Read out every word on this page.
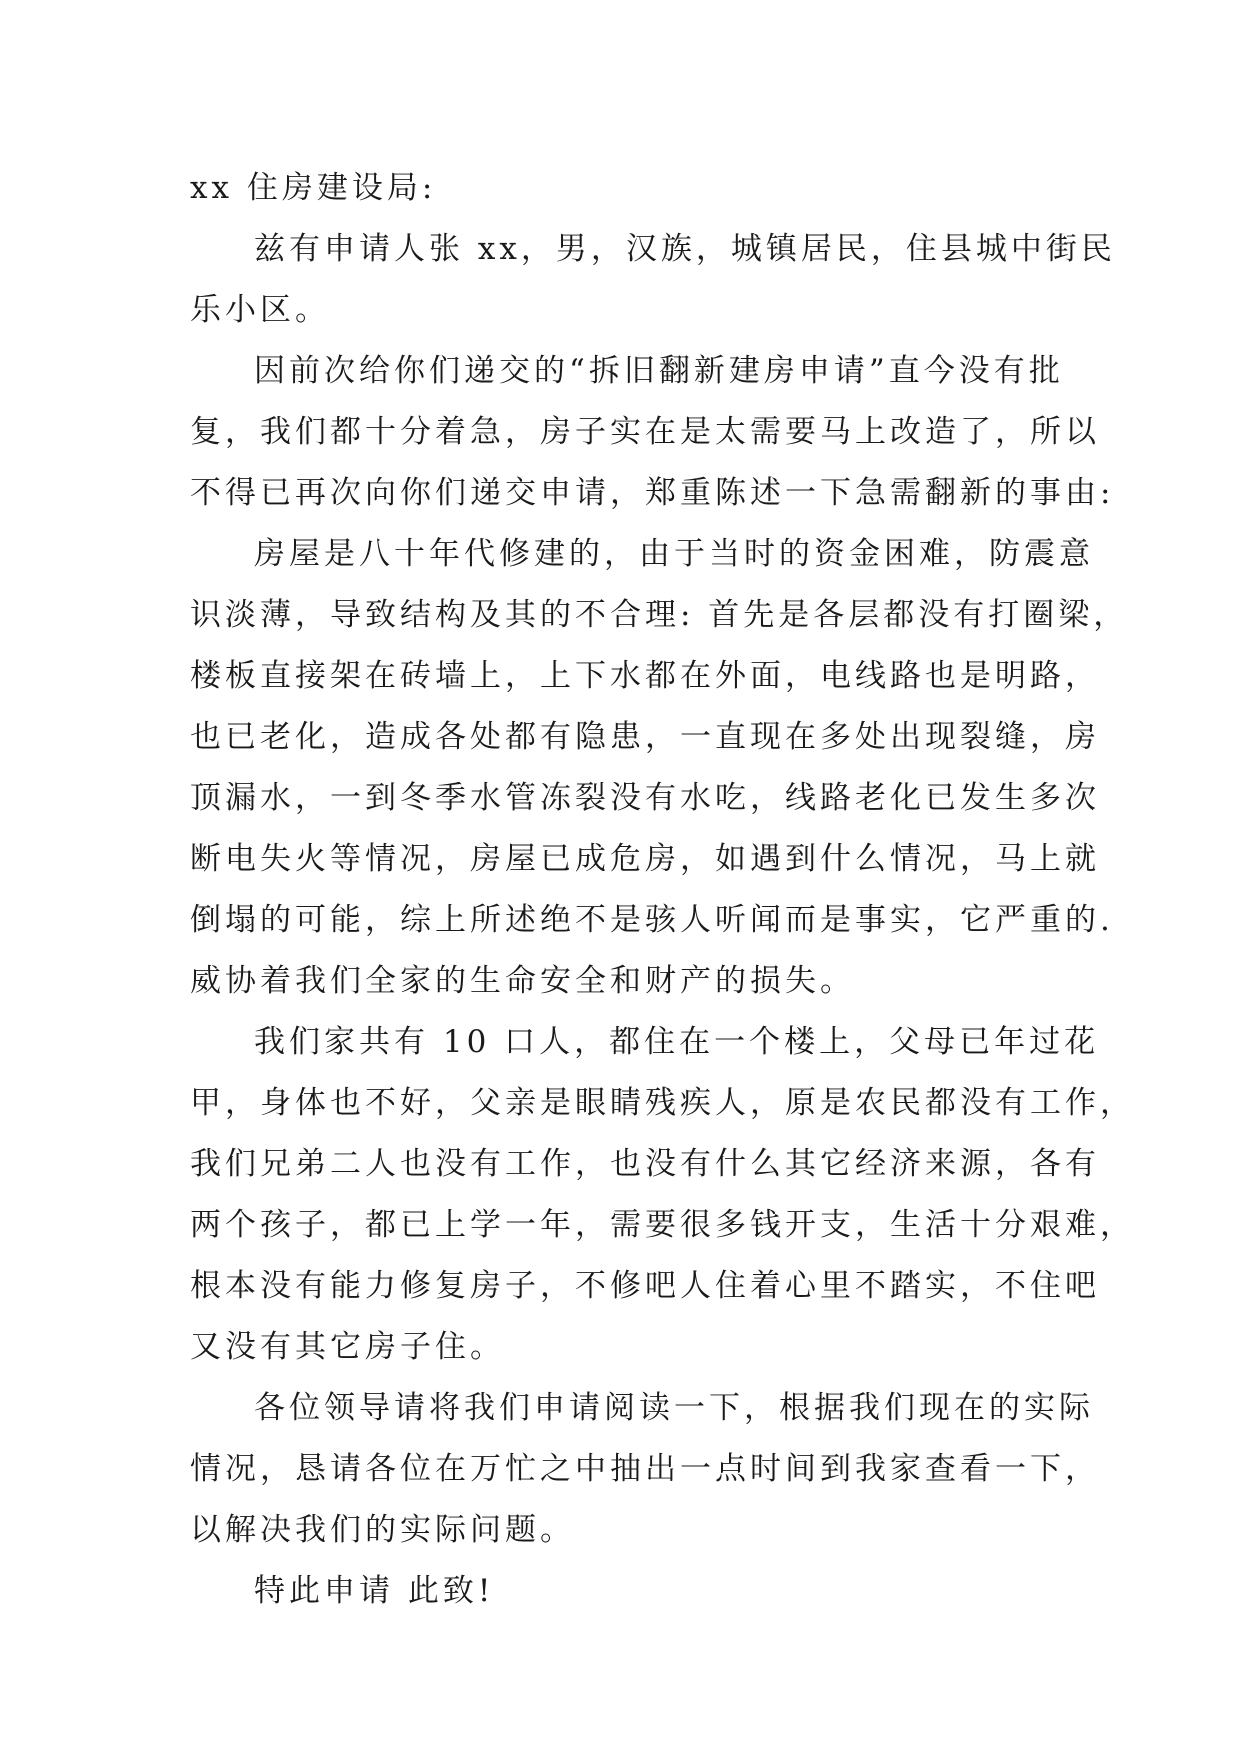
xx 住房建设局:
兹有申请人张 xx，男，汉族，城镇居民，住县城中街民
乐小区。
因前次给你们递交的“拆旧翻新建房申请”直今没有批
复，我们都十分着急，房子实在是太需要马上改造了，所以
不得已再次向你们递交申请，郑重陈述一下急需翻新的事由:
房屋是八十年代修建的，由于当时的资金困难，防震意
识淡薄，导致结构及其的不合理: 首先是各层都没有打圈梁，
楼板直接架在砖墙上，上下水都在外面，电线路也是明路，
也已老化，造成各处都有隐患，一直现在多处出现裂缝，房
顶漏水，一到冬季水管冻裂没有水吃，线路老化已发生多次
断电失火等情况，房屋已成危房，如遇到什么情况，马上就
倒塌的可能，综上所述绝不是骇人听闻而是事实，它严重的.
威协着我们全家的生命安全和财产的损失。
我们家共有 10 口人，都住在一个楼上，父母已年过花
甲，身体也不好，父亲是眼睛残疾人，原是农民都没有工作，
我们兄弟二人也没有工作，也没有什么其它经济来源，各有
两个孩子，都已上学一年，需要很多钱开支，生活十分艰难，
根本没有能力修复房子，不修吧人住着心里不踏实，不住吧
又没有其它房子住。
各位领导请将我们申请阅读一下，根据我们现在的实际
情况，恳请各位在万忙之中抽出一点时间到我家查看一下，
以解决我们的实际问题。
特此申请 此致!
